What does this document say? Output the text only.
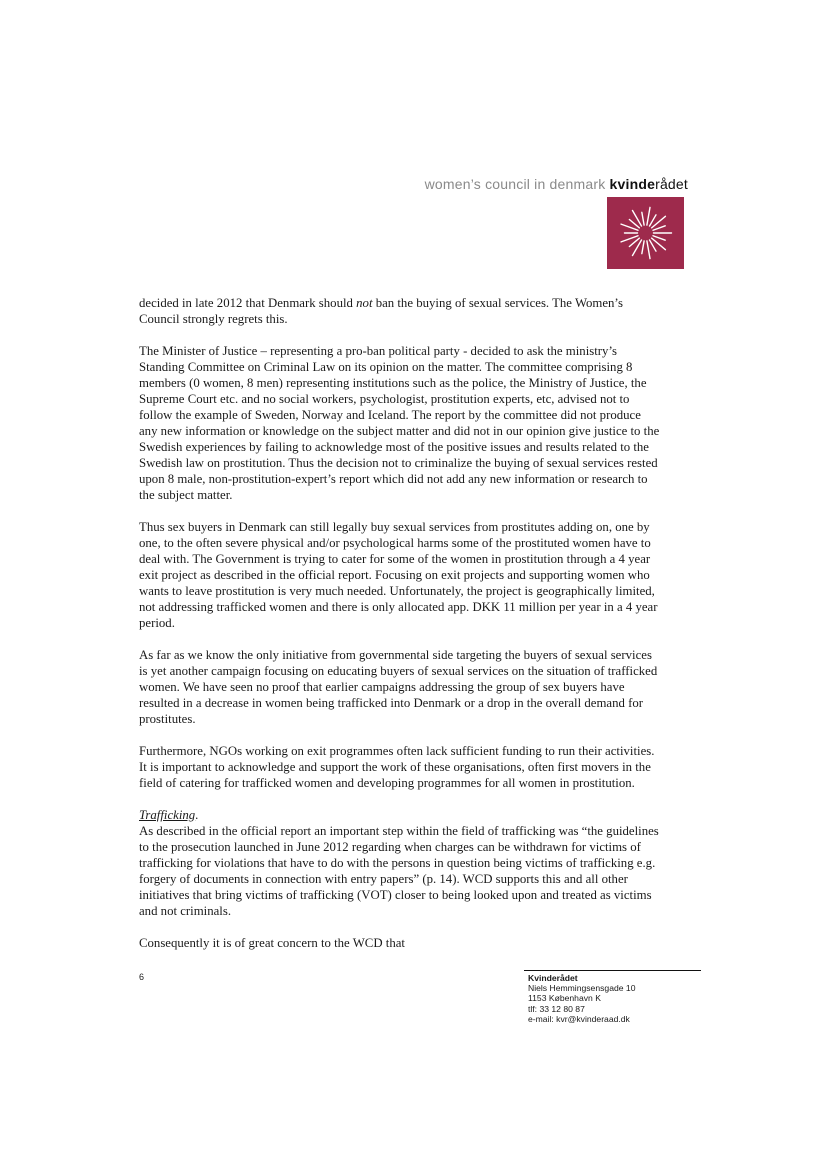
women’s council in denmark kvinderådet

decided in late 2012 that Denmark should not ban the buying of sexual services. The Women’s Council strongly regrets this.

The Minister of Justice – representing a pro-ban political party - decided to ask the ministry’s Standing Committee on Criminal Law on its opinion on the matter. The committee comprising 8 members (0 women, 8 men) representing institutions such as the police, the Ministry of Justice, the Supreme Court etc. and no social workers, psychologist, prostitution experts, etc, advised not to follow the example of Sweden, Norway and Iceland. The report by the committee did not produce any new information or knowledge on the subject matter and did not in our opinion give justice to the Swedish experiences by failing to acknowledge most of the positive issues and results related to the Swedish law on prostitution. Thus the decision not to criminalize the buying of sexual services rested upon 8 male, non-prostitution-expert’s report which did not add any new information or research to the subject matter.

Thus sex buyers in Denmark can still legally buy sexual services from prostitutes adding on, one by one, to the often severe physical and/or psychological harms some of the prostituted women have to deal with. The Government is trying to cater for some of the women in prostitution through a 4 year exit project as described in the official report. Focusing on exit projects and supporting women who wants to leave prostitution is very much needed. Unfortunately, the project is geographically limited, not addressing trafficked women and there is only allocated app. DKK 11 million per year in a 4 year period.

As far as we know the only initiative from governmental side targeting the buyers of sexual services is yet another campaign focusing on educating buyers of sexual services on the situation of trafficked women. We have seen no proof that earlier campaigns addressing the group of sex buyers have resulted in a decrease in women being trafficked into Denmark or a drop in the overall demand for prostitutes.

Furthermore, NGOs working on exit programmes often lack sufficient funding to run their activities. It is important to acknowledge and support the work of these organisations, often first movers in the field of catering for trafficked women and developing programmes for all women in prostitution.

Trafficking.
As described in the official report an important step within the field of trafficking was “the guidelines to the prosecution launched in June 2012 regarding when charges can be withdrawn for victims of trafficking for violations that have to do with the persons in question being victims of trafficking e.g. forgery of documents in connection with entry papers” (p. 14). WCD supports this and all other initiatives that bring victims of trafficking (VOT) closer to being looked upon and treated as victims and not criminals.

Consequently it is of great concern to the WCD that

6	Kvinderådet
Niels Hemmingsensgade 10
1153 København K
tlf: 33 12 80 87
e-mail: kvr@kvinderaad.dk
